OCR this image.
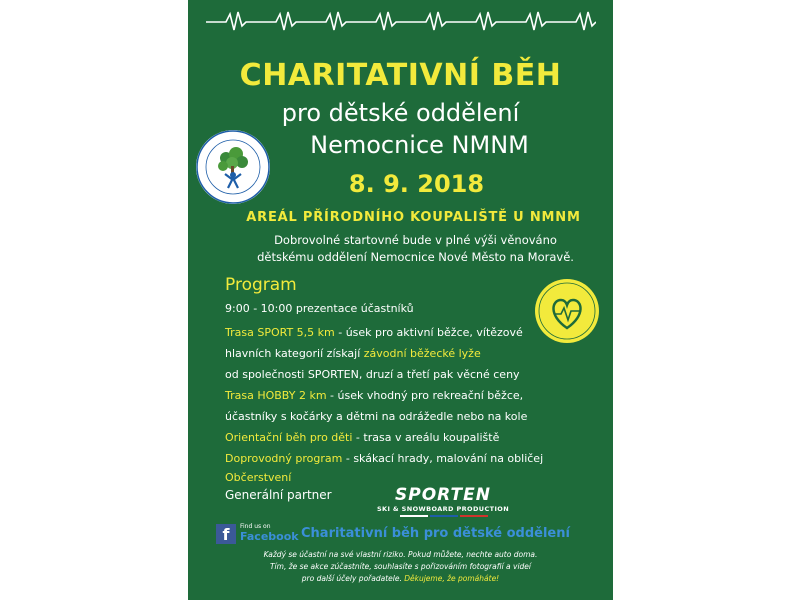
CHARITATIVNÍ BĚH
pro dětské oddělení
Nemocnice NMNM
8. 9. 2018
AREÁL PŘÍRODNÍHO KOUPALIŠTĚ U NMNM
Dobrovolné startovné bude v plné výši věnováno
dětskému oddělení Nemocnice Nové Město na Moravě.
Program
9:00 - 10:00 prezentace účastníků
Trasa SPORT 5,5 km - úsek pro aktivní běžce, vítězové
hlavních kategorií získají závodní běžecké lyže
od společnosti SPORTEN, druzí a třetí pak věcné ceny
Trasa HOBBY 2 km - úsek vhodný pro rekreační běžce,
účastníky s kočárky a dětmi na odrážedle nebo na kole
Orientační běh pro děti - trasa v areálu koupaliště
Doprovodný program - skákací hrady, malování na obličej
Občerstvení
Generální partner	SPORTEN
SKI & SNOWBOARD PRODUCTION
f	Find us on
Facebook Charitativní běh pro dětské oddělení
Každý se účastní na své vlastní riziko. Pokud můžete, nechte auto doma.
Tím, že se akce zúčastníte, souhlasíte s pořizováním fotografií a videí
pro další účely pořadatele. Děkujeme, že pomáháte!
